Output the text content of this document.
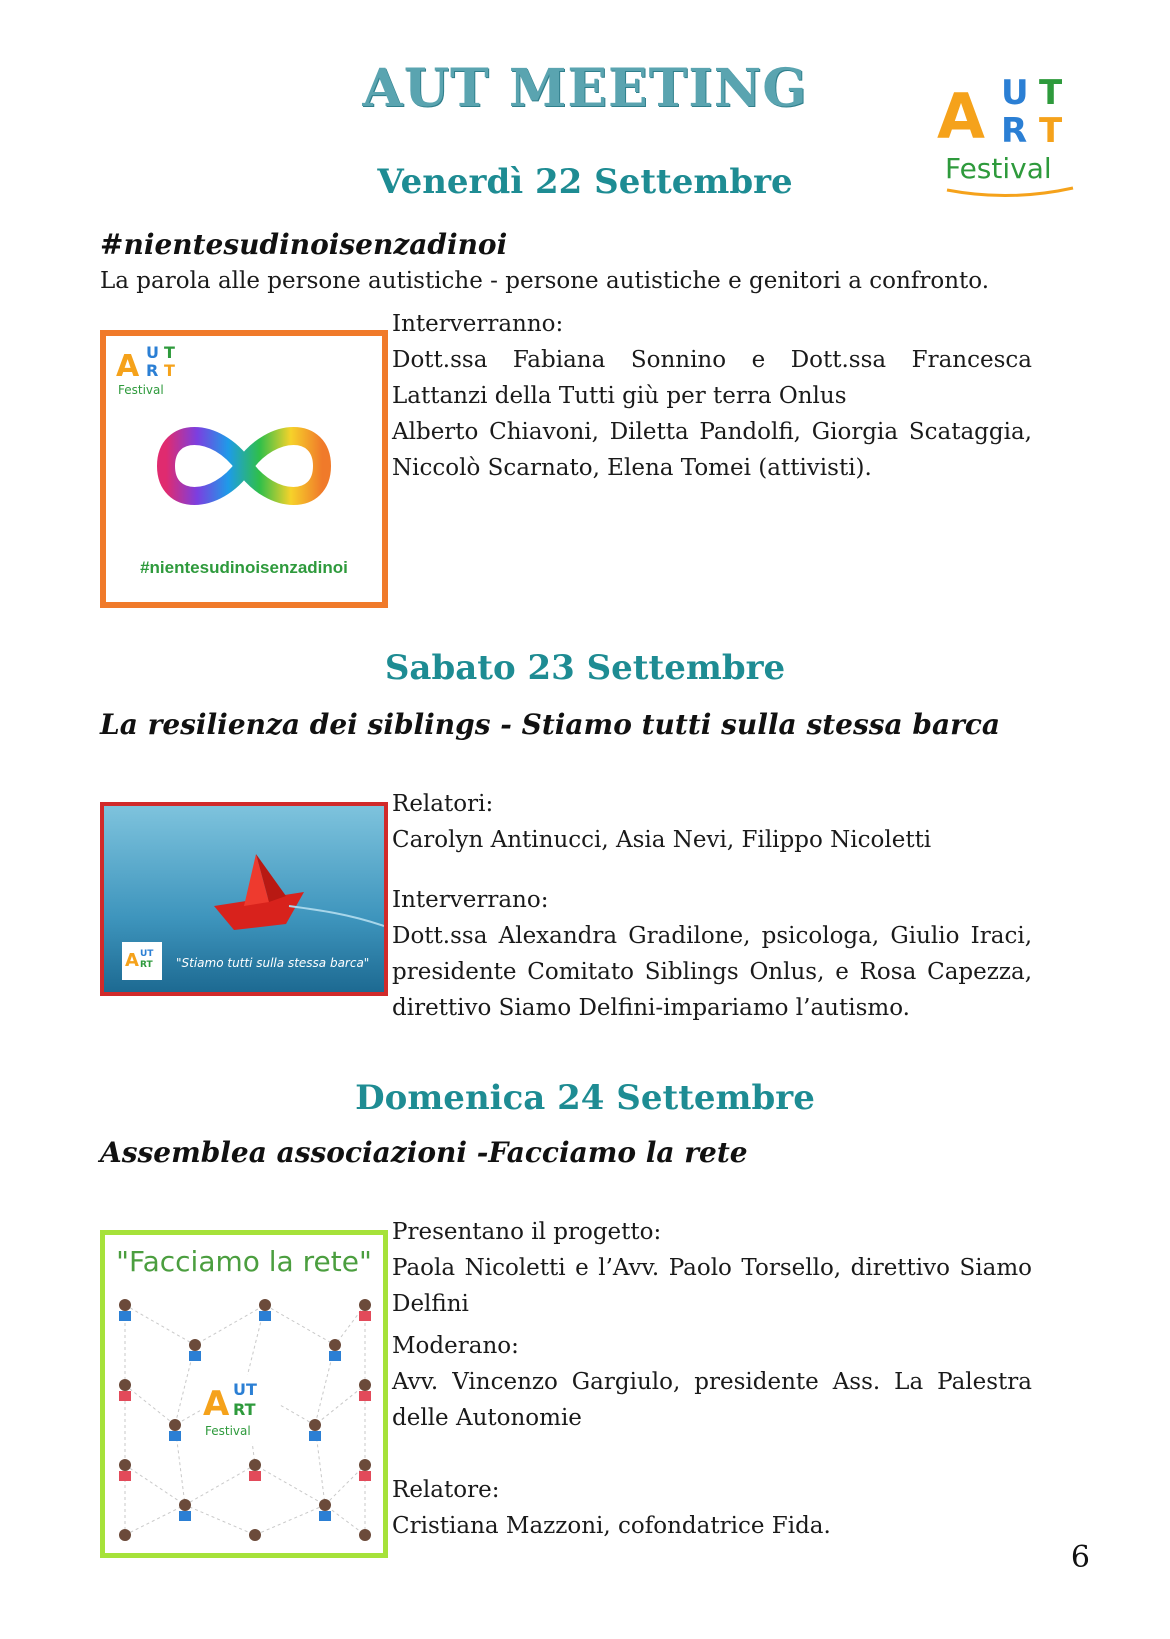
AUT MEETING	A U T
R T
Festival
Venerdì 22 Settembre
#nientesudinoisenzadinoi
La parola alle persone autistiche - persone autistiche e genitori a confronto.
A U T
R T
Festival
#nientesudinoisenzadinoi

Interverranno:

Dott.ssa Fabiana Sonnino e Dott.ssa Francesca Lattanzi della Tutti giù per terra Onlus

Alberto Chiavoni, Diletta Pandolfi, Giorgia Scataggia, Niccolò Scarnato, Elena Tomei (attivisti).

Sabato 23 Settembre
La resilienza dei siblings - Stiamo tutti sulla stessa barca
A UT
RT "Stiamo tutti sulla stessa barca"

Relatori:

Carolyn Antinucci, Asia Nevi, Filippo Nicoletti

Interverrano:

Dott.ssa Alexandra Gradilone, psicologa, Giulio Iraci, presidente Comitato Siblings Onlus, e Rosa Capezza, direttivo Siamo Delfini-impariamo l’autismo.

Domenica 24 Settembre
Assemblea associazioni -Facciamo la rete
A UT
RT
Festival
"Facciamo la rete"

Presentano il progetto:

Paola Nicoletti e l’Avv. Paolo Torsello, direttivo Siamo Delfini

Moderano:

Avv. Vincenzo Gargiulo, presidente Ass. La Palestra delle Autonomie

Relatore:

Cristiana Mazzoni, cofondatrice Fida.

6
